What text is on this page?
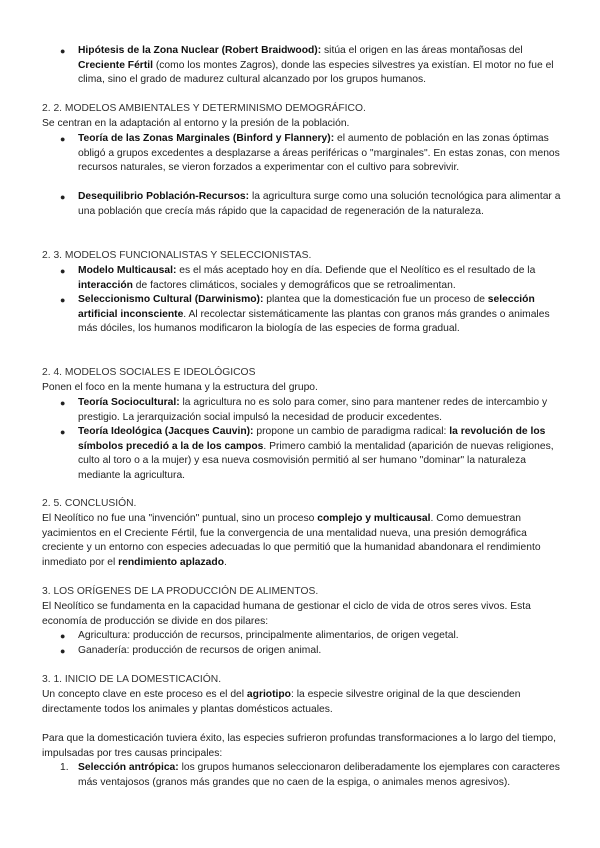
● Hipótesis de la Zona Nuclear (Robert Braidwood): sitúa el origen en las áreas montañosas del Creciente Fértil (como los montes Zagros), donde las especies silvestres ya existían. El motor no fue el clima, sino el grado de madurez cultural alcanzado por los grupos humanos.
2. 2. MODELOS AMBIENTALES Y DETERMINISMO DEMOGRÁFICO.
Se centran en la adaptación al entorno y la presión de la población.
● Teoría de las Zonas Marginales (Binford y Flannery): el aumento de población en las zonas óptimas obligó a grupos excedentes a desplazarse a áreas periféricas o "marginales". En estas zonas, con menos recursos naturales, se vieron forzados a experimentar con el cultivo para sobrevivir.
● Desequilibrio Población-Recursos: la agricultura surge como una solución tecnológica para alimentar a una población que crecía más rápido que la capacidad de regeneración de la naturaleza.
2. 3. MODELOS FUNCIONALISTAS Y SELECCIONISTAS.
● Modelo Multicausal: es el más aceptado hoy en día. Defiende que el Neolítico es el resultado de la interacción de factores climáticos, sociales y demográficos que se retroalimentan.
● Seleccionismo Cultural (Darwinismo): plantea que la domesticación fue un proceso de selección artificial inconsciente. Al recolectar sistemáticamente las plantas con granos más grandes o animales más dóciles, los humanos modificaron la biología de las especies de forma gradual.
2. 4. MODELOS SOCIALES E IDEOLÓGICOS
Ponen el foco en la mente humana y la estructura del grupo.
● Teoría Sociocultural: la agricultura no es solo para comer, sino para mantener redes de intercambio y prestigio. La jerarquización social impulsó la necesidad de producir excedentes.
● Teoría Ideológica (Jacques Cauvin): propone un cambio de paradigma radical: la revolución de los símbolos precedió a la de los campos. Primero cambió la mentalidad (aparición de nuevas religiones, culto al toro o a la mujer) y esa nueva cosmovisión permitió al ser humano "dominar" la naturaleza mediante la agricultura.
2. 5. CONCLUSIÓN.
El Neolítico no fue una "invención" puntual, sino un proceso complejo y multicausal. Como demuestran yacimientos en el Creciente Fértil, fue la convergencia de una mentalidad nueva, una presión demográfica creciente y un entorno con especies adecuadas lo que permitió que la humanidad abandonara el rendimiento inmediato por el rendimiento aplazado.
3. LOS ORÍGENES DE LA PRODUCCIÓN DE ALIMENTOS.
El Neolítico se fundamenta en la capacidad humana de gestionar el ciclo de vida de otros seres vivos. Esta economía de producción se divide en dos pilares:
● Agricultura: producción de recursos, principalmente alimentarios, de origen vegetal.
● Ganadería: producción de recursos de origen animal.
3. 1. INICIO DE LA DOMESTICACIÓN.
Un concepto clave en este proceso es el del agriotipo: la especie silvestre original de la que descienden directamente todos los animales y plantas domésticos actuales.
Para que la domesticación tuviera éxito, las especies sufrieron profundas transformaciones a lo largo del tiempo, impulsadas por tres causas principales:
1. Selección antrópica: los grupos humanos seleccionaron deliberadamente los ejemplares con caracteres más ventajosos (granos más grandes que no caen de la espiga, o animales menos agresivos).
